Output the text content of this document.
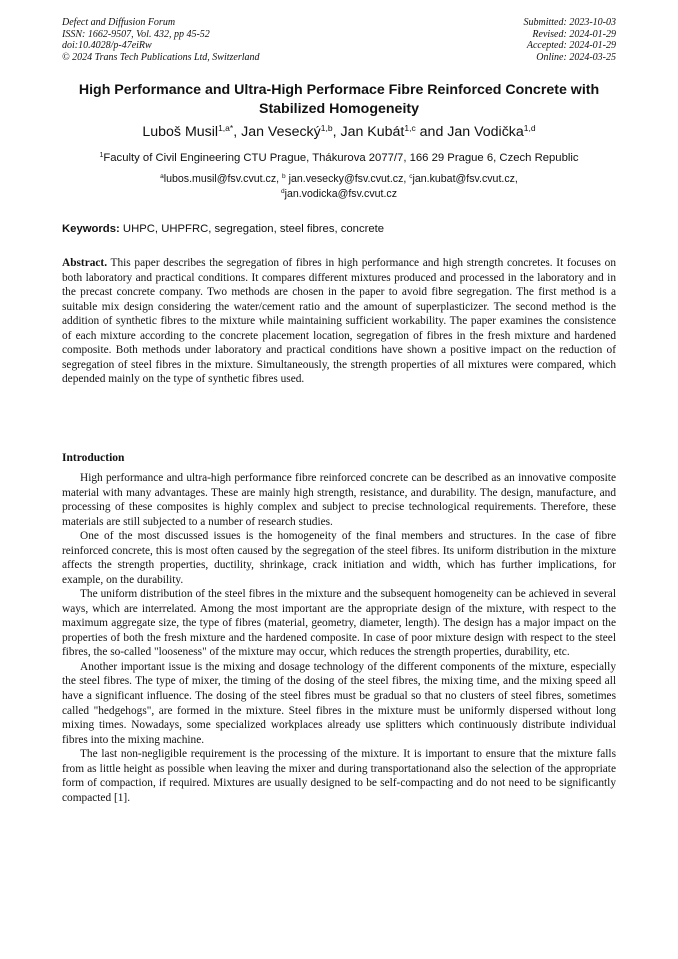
Defect and Diffusion Forum
ISSN: 1662-9507, Vol. 432, pp 45-52
doi:10.4028/p-47eiRw
© 2024 Trans Tech Publications Ltd, Switzerland
Submitted: 2023-10-03
Revised: 2024-01-29
Accepted: 2024-01-29
Online: 2024-03-25
High Performance and Ultra-High Performace Fibre Reinforced Concrete with Stabilized Homogeneity
Luboš Musil$^{1,a*}$, Jan Vesecký$^{1,b}$, Jan Kubát$^{1,c}$ and Jan Vodička$^{1,d}$
$^1$Faculty of Civil Engineering CTU Prague, Thákurova 2077/7, 166 29 Prague 6, Czech Republic
$^a$lubos.musil@fsv.cvut.cz, $^b$ jan.vesecky@fsv.cvut.cz, $^c$jan.kubat@fsv.cvut.cz,
$^d$jan.vodicka@fsv.cvut.cz
Keywords: UHPC, UHPFRC, segregation, steel fibres, concrete
Abstract. This paper describes the segregation of fibres in high performance and high strength concretes. It focuses on both laboratory and practical conditions. It compares different mixtures produced and processed in the laboratory and in the precast concrete company. Two methods are chosen in the paper to avoid fibre segregation. The first method is a suitable mix design considering the water/cement ratio and the amount of superplasticizer. The second method is the addition of synthetic fibres to the mixture while maintaining sufficient workability. The paper examines the consistence of each mixture according to the concrete placement location, segregation of fibres in the fresh mixture and hardened composite. Both methods under laboratory and practical conditions have shown a positive impact on the reduction of segregation of steel fibres in the mixture. Simultaneously, the strength properties of all mixtures were compared, which depended mainly on the type of synthetic fibres used.
Introduction

High performance and ultra-high performance fibre reinforced concrete can be described as an innovative composite material with many advantages. These are mainly high strength, resistance, and durability. The design, manufacture, and processing of these composites is highly complex and subject to precise technological requirements. Therefore, these materials are still subjected to a number of research studies.

One of the most discussed issues is the homogeneity of the final members and structures. In the case of fibre reinforced concrete, this is most often caused by the segregation of the steel fibres. Its uniform distribution in the mixture affects the strength properties, ductility, shrinkage, crack initiation and width, which has further implications, for example, on the durability.

The uniform distribution of the steel fibres in the mixture and the subsequent homogeneity can be achieved in several ways, which are interrelated. Among the most important are the appropriate design of the mixture, with respect to the maximum aggregate size, the type of fibres (material, geometry, diameter, length). The design has a major impact on the properties of both the fresh mixture and the hardened composite. In case of poor mixture design with respect to the steel fibres, the so-called "looseness" of the mixture may occur, which reduces the strength properties, durability, etc.

Another important issue is the mixing and dosage technology of the different components of the mixture, especially the steel fibres. The type of mixer, the timing of the dosing of the steel fibres, the mixing time, and the mixing speed all have a significant influence. The dosing of the steel fibres must be gradual so that no clusters of steel fibres, sometimes called "hedgehogs", are formed in the mixture. Steel fibres in the mixture must be uniformly dispersed without long mixing times. Nowadays, some specialized workplaces already use splitters which continuously distribute individual fibres into the mixing machine.

The last non-negligible requirement is the processing of the mixture. It is important to ensure that the mixture falls from as little height as possible when leaving the mixer and during transportationand also the selection of the appropriate form of compaction, if required. Mixtures are usually designed to be self-compacting and do not need to be significantly compacted [1].
